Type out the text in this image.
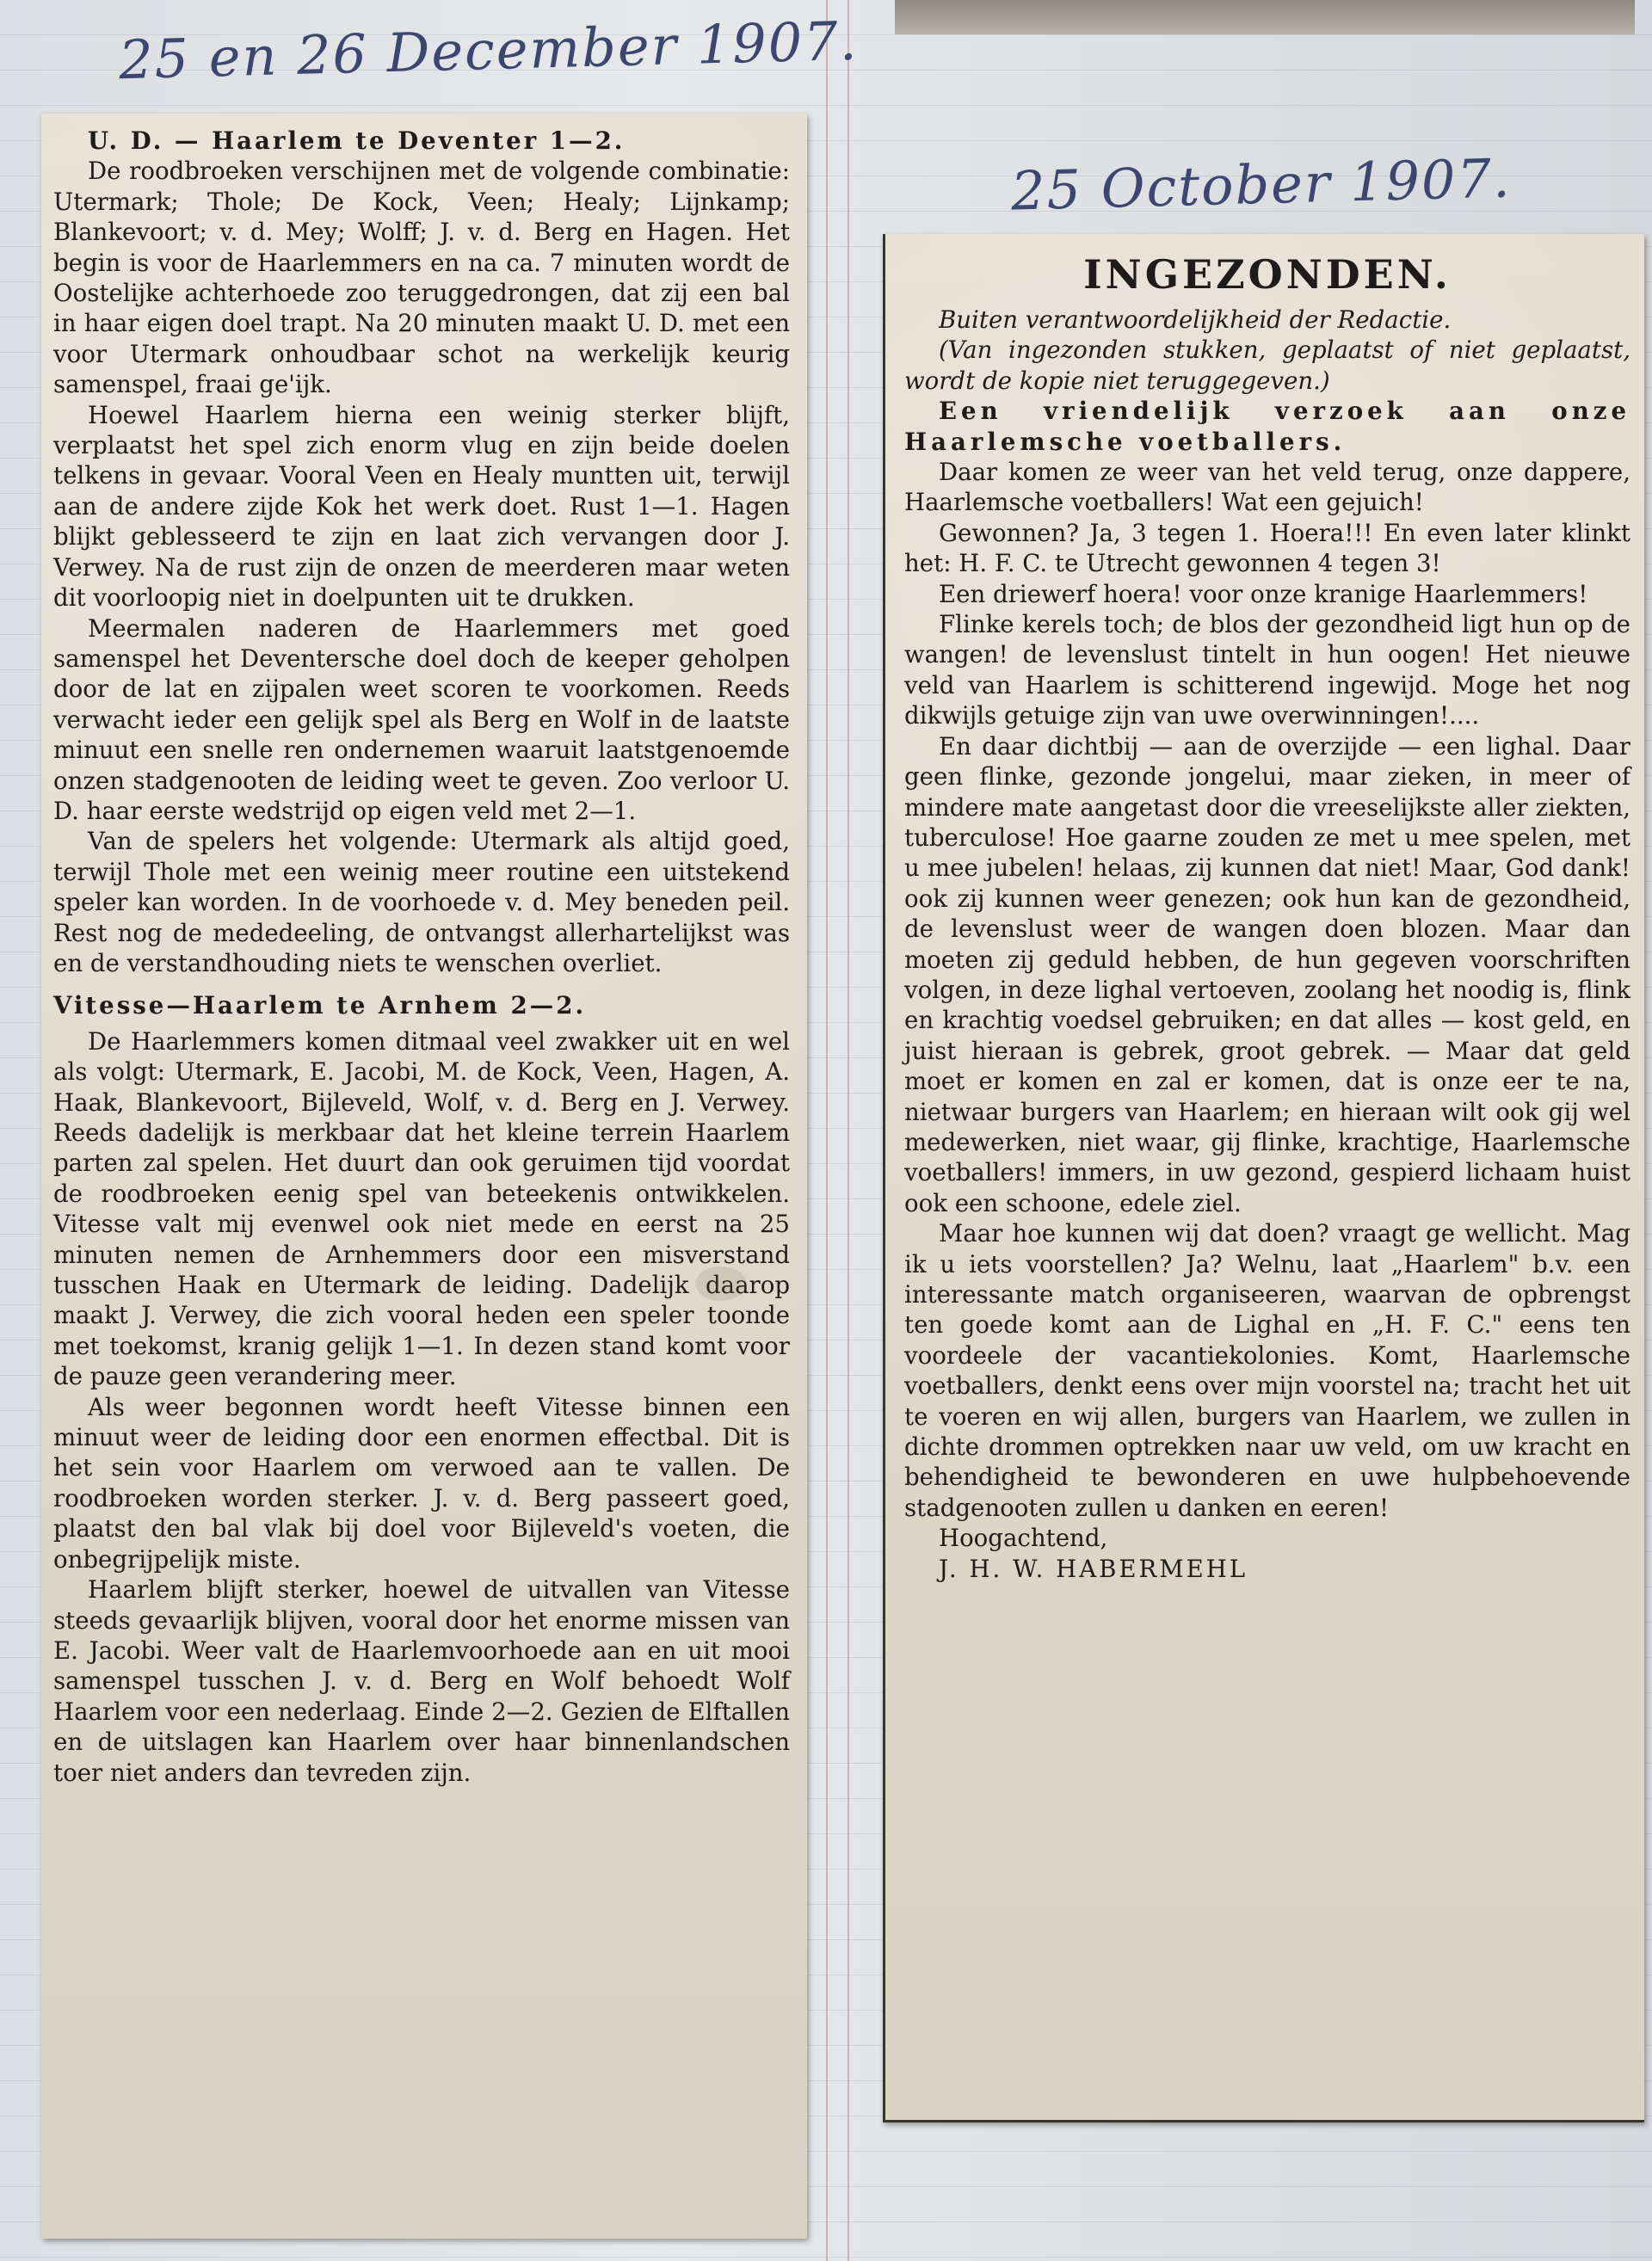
25 en 26 December 1907.
25 October 1907.

U. D. — Haarlem te Deventer 1—2.

De roodbroeken verschijnen met de volgende combinatie: Utermark; Thole; De Kock, Veen; Healy; Lijnkamp; Blankevoort; v. d. Mey; Wolff; J. v. d. Berg en Hagen. Het begin is voor de Haarlemmers en na ca. 7 minuten wordt de Oostelijke achterhoede zoo teruggedrongen, dat zij een bal in haar eigen doel trapt. Na 20 minuten maakt U. D. met een voor Utermark onhoudbaar schot na werkelijk keurig samenspel, fraai ge'ijk.

Hoewel Haarlem hierna een weinig sterker blijft, verplaatst het spel zich enorm vlug en zijn beide doelen telkens in gevaar. Vooral Veen en Healy muntten uit, terwijl aan de andere zijde Kok het werk doet. Rust 1—1. Hagen blijkt geblesseerd te zijn en laat zich vervangen door J. Verwey. Na de rust zijn de onzen de meerderen maar weten dit voorloopig niet in doelpunten uit te drukken.

Meermalen naderen de Haarlemmers met goed samenspel het Deventersche doel doch de keeper geholpen door de lat en zijpalen weet scoren te voorkomen. Reeds verwacht ieder een gelijk spel als Berg en Wolf in de laatste minuut een snelle ren ondernemen waaruit laatstgenoemde onzen stadgenooten de leiding weet te geven. Zoo verloor U. D. haar eerste wedstrijd op eigen veld met 2—1.

Van de spelers het volgende: Utermark als altijd goed, terwijl Thole met een weinig meer routine een uitstekend speler kan worden. In de voorhoede v. d. Mey beneden peil. Rest nog de mededeeling, de ontvangst allerhartelijkst was en de verstandhouding niets te wenschen overliet.

Vitesse—Haarlem te Arnhem 2—2.

De Haarlemmers komen ditmaal veel zwakker uit en wel als volgt: Utermark, E. Jacobi, M. de Kock, Veen, Hagen, A. Haak, Blankevoort, Bijleveld, Wolf, v. d. Berg en J. Verwey. Reeds dadelijk is merkbaar dat het kleine terrein Haarlem parten zal spelen. Het duurt dan ook geruimen tijd voordat de roodbroeken eenig spel van beteekenis ontwikkelen. Vitesse valt mij evenwel ook niet mede en eerst na 25 minuten nemen de Arnhemmers door een misverstand tusschen Haak en Utermark de leiding. Dadelijk daarop maakt J. Verwey, die zich vooral heden een speler toonde met toekomst, kranig gelijk 1—1. In dezen stand komt voor de pauze geen verandering meer.

Als weer begonnen wordt heeft Vitesse binnen een minuut weer de leiding door een enormen effectbal. Dit is het sein voor Haarlem om verwoed aan te vallen. De roodbroeken worden sterker. J. v. d. Berg passeert goed, plaatst den bal vlak bij doel voor Bijleveld's voeten, die onbegrijpelijk miste.

Haarlem blijft sterker, hoewel de uitvallen van Vitesse steeds gevaarlijk blijven, vooral door het enorme missen van E. Jacobi. Weer valt de Haarlemvoorhoede aan en uit mooi samenspel tusschen J. v. d. Berg en Wolf behoedt Wolf Haarlem voor een nederlaag. Einde 2—2. Gezien de Elftallen en de uitslagen kan Haarlem over haar binnenlandschen toer niet anders dan tevreden zijn.

INGEZONDEN.

Buiten verantwoordelijkheid der Redactie.

(Van ingezonden stukken, geplaatst of niet geplaatst, wordt de kopie niet teruggegeven.)

Een vriendelijk verzoek aan onze Haarlemsche voetballers.

Daar komen ze weer van het veld terug, onze dappere, Haarlemsche voetballers! Wat een gejuich!

Gewonnen? Ja, 3 tegen 1. Hoera!!! En even later klinkt het: H. F. C. te Utrecht gewonnen 4 tegen 3!

Een driewerf hoera! voor onze kranige Haarlemmers!

Flinke kerels toch; de blos der gezondheid ligt hun op de wangen! de levenslust tintelt in hun oogen! Het nieuwe veld van Haarlem is schitterend ingewijd. Moge het nog dikwijls getuige zijn van uwe overwinningen!....

En daar dichtbij — aan de overzijde — een lighal. Daar geen flinke, gezonde jongelui, maar zieken, in meer of mindere mate aangetast door die vreeselijkste aller ziekten, tuberculose! Hoe gaarne zouden ze met u mee spelen, met u mee jubelen! helaas, zij kunnen dat niet! Maar, God dank! ook zij kunnen weer genezen; ook hun kan de gezondheid, de levenslust weer de wangen doen blozen. Maar dan moeten zij geduld hebben, de hun gegeven voorschriften volgen, in deze lighal vertoeven, zoolang het noodig is, flink en krachtig voedsel gebruiken; en dat alles — kost geld, en juist hieraan is gebrek, groot gebrek. — Maar dat geld moet er komen en zal er komen, dat is onze eer te na, nietwaar burgers van Haarlem; en hieraan wilt ook gij wel medewerken, niet waar, gij flinke, krachtige, Haarlemsche voetballers! immers, in uw gezond, gespierd lichaam huist ook een schoone, edele ziel.

Maar hoe kunnen wij dat doen? vraagt ge wellicht. Mag ik u iets voorstellen? Ja? Welnu, laat „Haarlem" b.v. een interessante match organiseeren, waarvan de opbrengst ten goede komt aan de Lighal en „H. F. C." eens ten voordeele der vacantiekolonies. Komt, Haarlemsche voetballers, denkt eens over mijn voorstel na; tracht het uit te voeren en wij allen, burgers van Haarlem, we zullen in dichte drommen optrekken naar uw veld, om uw kracht en behendigheid te bewonderen en uwe hulpbehoevende stadgenooten zullen u danken en eeren!

Hoogachtend,

J. H. W. HABERMEHL
